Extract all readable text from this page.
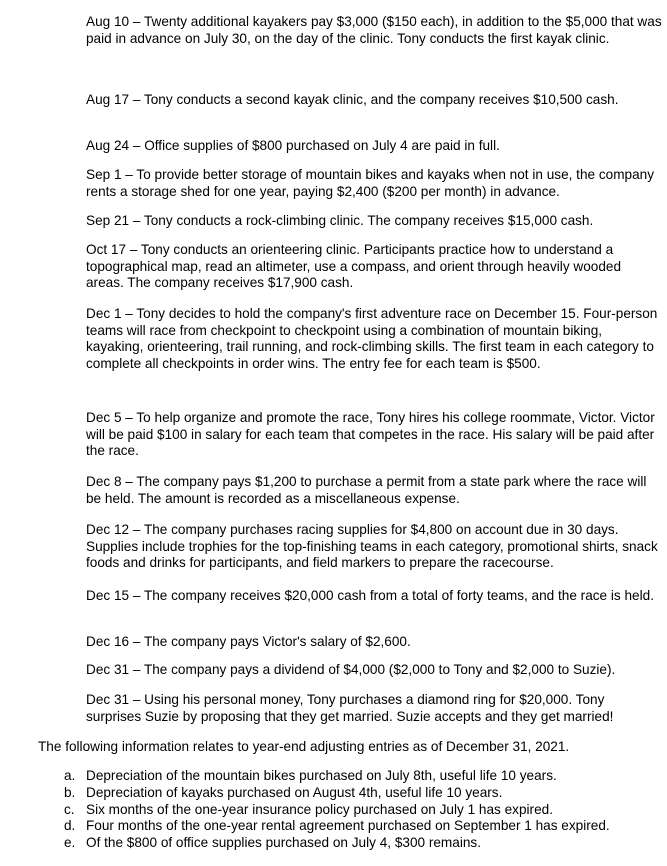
Aug 10 – Twenty additional kayakers pay $3,000 ($150 each), in addition to the $5,000 that was paid in advance on July 30, on the day of the clinic. Tony conducts the first kayak clinic.

Aug 17 – Tony conducts a second kayak clinic, and the company receives $10,500 cash.

Aug 24 – Office supplies of $800 purchased on July 4 are paid in full.

Sep 1 – To provide better storage of mountain bikes and kayaks when not in use, the company rents a storage shed for one year, paying $2,400 ($200 per month) in advance.

Sep 21 – Tony conducts a rock-climbing clinic. The company receives $15,000 cash.

Oct 17 – Tony conducts an orienteering clinic. Participants practice how to understand a topographical map, read an altimeter, use a compass, and orient through heavily wooded areas. The company receives $17,900 cash.

Dec 1 – Tony decides to hold the company's first adventure race on December 15. Four-person teams will race from checkpoint to checkpoint using a combination of mountain biking, kayaking, orienteering, trail running, and rock-climbing skills. The first team in each category to complete all checkpoints in order wins. The entry fee for each team is $500.

Dec 5 – To help organize and promote the race, Tony hires his college roommate, Victor. Victor will be paid $100 in salary for each team that competes in the race. His salary will be paid after the race.

Dec 8 – The company pays $1,200 to purchase a permit from a state park where the race will be held. The amount is recorded as a miscellaneous expense.

Dec 12 – The company purchases racing supplies for $4,800 on account due in 30 days. Supplies include trophies for the top-finishing teams in each category, promotional shirts, snack foods and drinks for participants, and field markers to prepare the racecourse.

Dec 15 – The company receives $20,000 cash from a total of forty teams, and the race is held.

Dec 16 – The company pays Victor's salary of $2,600.

Dec 31 – The company pays a dividend of $4,000 ($2,000 to Tony and $2,000 to Suzie).

Dec 31 – Using his personal money, Tony purchases a diamond ring for $20,000. Tony surprises Suzie by proposing that they get married. Suzie accepts and they get married!

The following information relates to year-end adjusting entries as of December 31, 2021.

a. Depreciation of the mountain bikes purchased on July 8th, useful life 10 years.
b. Depreciation of kayaks purchased on August 4th, useful life 10 years.
c. Six months of the one-year insurance policy purchased on July 1 has expired.
d. Four months of the one-year rental agreement purchased on September 1 has expired.
e. Of the $800 of office supplies purchased on July 4, $300 remains.
